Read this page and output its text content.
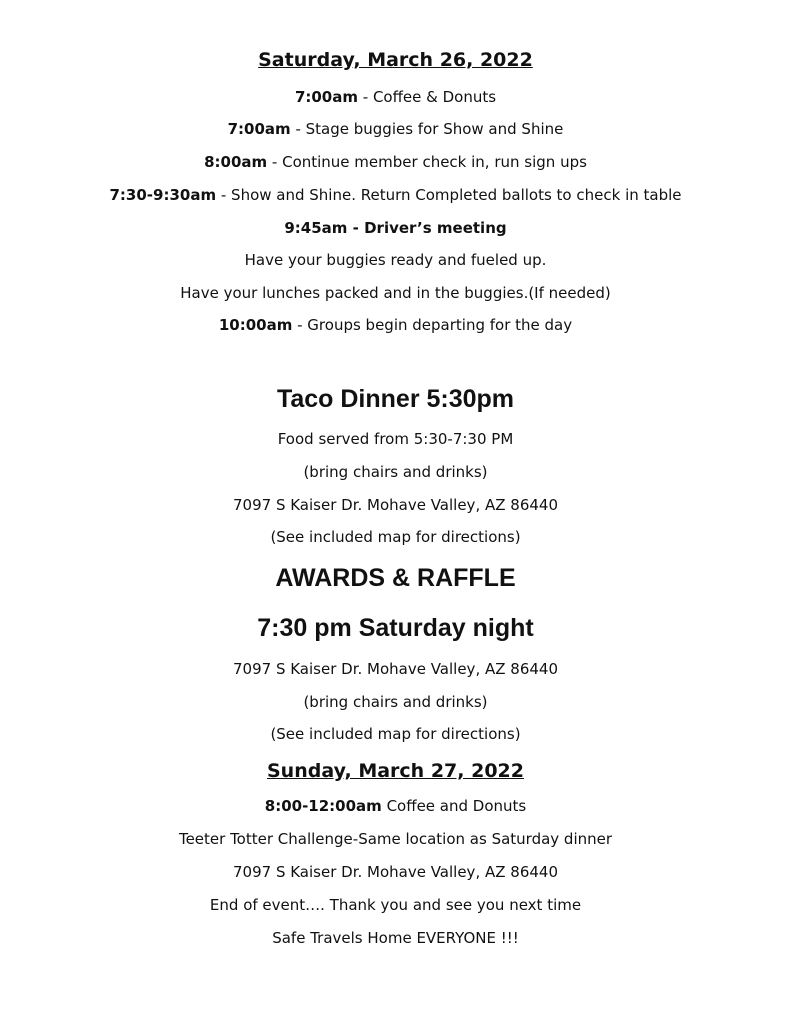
Saturday, March 26, 2022
7:00am - Coffee & Donuts
7:00am - Stage buggies for Show and Shine
8:00am - Continue member check in, run sign ups
7:30-9:30am - Show and Shine. Return Completed ballots to check in table
9:45am - Driver’s meeting
Have your buggies ready and fueled up.
Have your lunches packed and in the buggies.(If needed)
10:00am - Groups begin departing for the day
Taco Dinner 5:30pm
Food served from 5:30-7:30 PM
(bring chairs and drinks)
7097 S Kaiser Dr. Mohave Valley, AZ 86440
(See included map for directions)
AWARDS & RAFFLE
7:30 pm Saturday night
7097 S Kaiser Dr. Mohave Valley, AZ 86440
(bring chairs and drinks)
(See included map for directions)
Sunday, March 27, 2022
8:00-12:00am Coffee and Donuts
Teeter Totter Challenge-Same location as Saturday dinner
7097 S Kaiser Dr. Mohave Valley, AZ 86440
End of event…. Thank you and see you next time
Safe Travels Home EVERYONE !!!
